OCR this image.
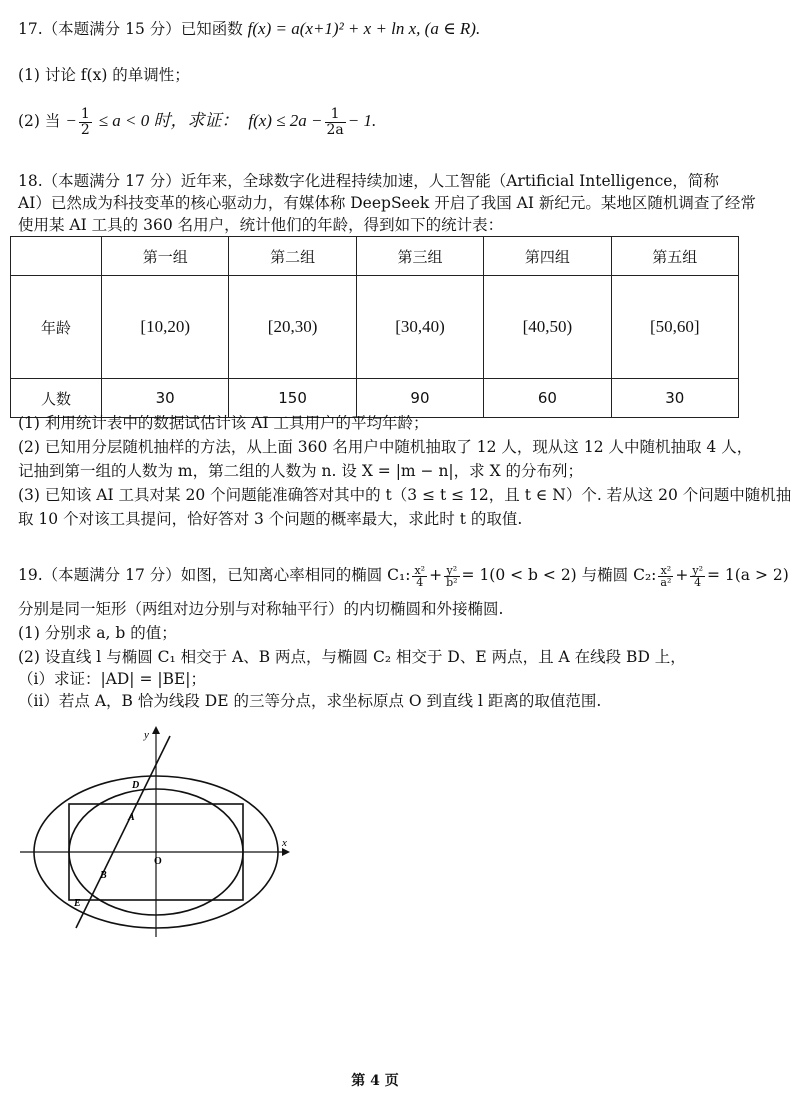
17.（本题满分 15 分）已知函数 f(x) = a(x+1)² + x + ln x, (a ∈ R).
(1) 讨论 f(x) 的单调性；
(2) 当 − $\frac{1}{2} \le a < 0$ 时，求证： $f(x) \le 2a - \frac{1}{2a} - 1$.
18.（本题满分 17 分）近年来，全球数字化进程持续加速，人工智能（Artificial Intelligence，简称
AI）已然成为科技变革的核心驱动力，有媒体称 DeepSeek 开启了我国 AI 新纪元。某地区随机调查了经常
使用某 AI 工具的 360 名用户，统计他们的年龄，得到如下的统计表：
	第一组	第二组	第三组	第四组	第五组
年龄	[10,20)	[20,30)	[30,40)	[40,50)	[50,60]
人数	30	150	90	60	30
(1) 利用统计表中的数据试估计该 AI 工具用户的平均年龄；
(2) 已知用分层随机抽样的方法，从上面 360 名用户中随机抽取了 12 人，现从这 12 人中随机抽取 4 人，
记抽到第一组的人数为 m，第二组的人数为 n. 设 X = |m − n|，求 X 的分布列；
(3) 已知该 AI 工具对某 20 个问题能准确答对其中的 t（3 ≤ t ≤ 12，且 t ∈ N）个. 若从这 20 个问题中随机抽
取 10 个对该工具提问，恰好答对 3 个问题的概率最大，求此时 t 的取值.
19.（本题满分 17 分）如图，已知离心率相同的椭圆 C₁: $\frac{\text{x²}}{4} + \frac{\text{y²}}{\text{b²}} = 1(0 < b < 2)$ 与椭圆 C₂: $\frac{\text{x²}}{\text{a²}} + \frac{\text{y²}}{4} = 1(a > 2)$
分别是同一矩形（两组对边分别与对称轴平行）的内切椭圆和外接椭圆.
(1) 分别求 a, b 的值；
(2) 设直线 l 与椭圆 C₁ 相交于 A、B 两点，与椭圆 C₂ 相交于 D、E 两点，且 A 在线段 BD 上，
（i）求证：|AD| = |BE|；
（ii）若点 A，B 恰为线段 DE 的三等分点，求坐标原点 O 到直线 l 距离的取值范围.
y
x
O
D
A
B
E
第 4 页
